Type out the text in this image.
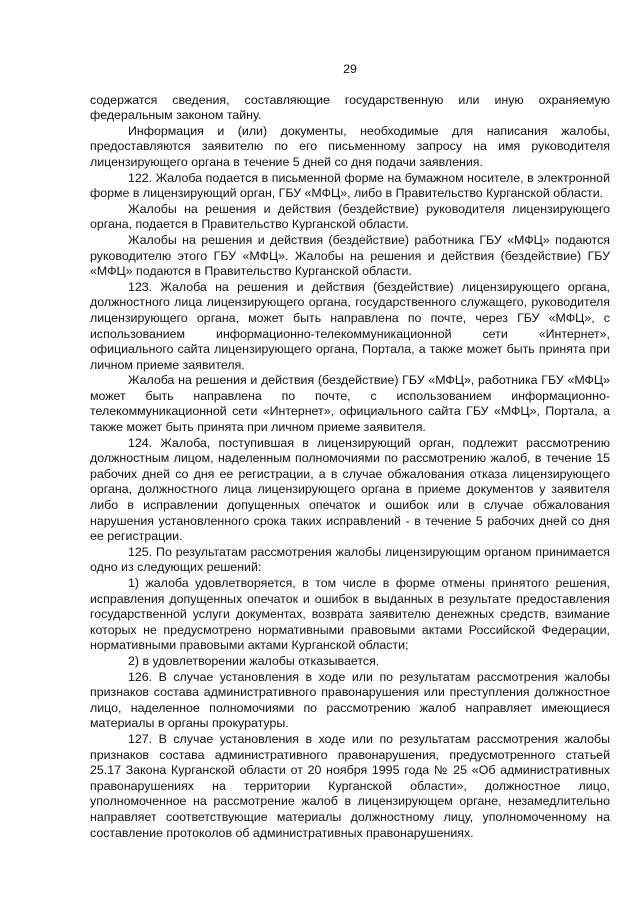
29

содержатся сведения, составляющие государственную или иную охраняемую федеральным законом тайну.

Информация и (или) документы, необходимые для написания жалобы, предоставляются заявителю по его письменному запросу на имя руководителя лицензирующего органа в течение 5 дней со дня подачи заявления.

122. Жалоба подается в письменной форме на бумажном носителе, в электронной форме в лицензирующий орган, ГБУ «МФЦ», либо в Правительство Курганской области.

Жалобы на решения и действия (бездействие) руководителя лицензирующего органа, подается в Правительство Курганской области.

Жалобы на решения и действия (бездействие) работника ГБУ «МФЦ» подаются руководителю этого ГБУ «МФЦ». Жалобы на решения и действия (бездействие) ГБУ «МФЦ» подаются в Правительство Курганской области.

123. Жалоба на решения и действия (бездействие) лицензирующего органа, должностного лица лицензирующего органа, государственного служащего, руководителя лицензирующего органа, может быть направлена по почте, через ГБУ «МФЦ», с использованием информационно-телекоммуникационной сети «Интернет», официального сайта лицензирующего органа, Портала, а также может быть принята при личном приеме заявителя.

Жалоба на решения и действия (бездействие) ГБУ «МФЦ», работника ГБУ «МФЦ» может быть направлена по почте, с использованием информационно-телекоммуникационной сети «Интернет», официального сайта ГБУ «МФЦ», Портала, а также может быть принята при личном приеме заявителя.

124. Жалоба, поступившая в лицензирующий орган, подлежит рассмотрению должностным лицом, наделенным полномочиями по рассмотрению жалоб, в течение 15 рабочих дней со дня ее регистрации, а в случае обжалования отказа лицензирующего органа, должностного лица лицензирующего органа в приеме документов у заявителя либо в исправлении допущенных опечаток и ошибок или в случае обжалования нарушения установленного срока таких исправлений - в течение 5 рабочих дней со дня ее регистрации.

125. По результатам рассмотрения жалобы лицензирующим органом принимается одно из следующих решений:

1) жалоба удовлетворяется, в том числе в форме отмены принятого решения, исправления допущенных опечаток и ошибок в выданных в результате предоставления государственной услуги документах, возврата заявителю денежных средств, взимание которых не предусмотрено нормативными правовыми актами Российской Федерации, нормативными правовыми актами Курганской области;

2) в удовлетворении жалобы отказывается.

126. В случае установления в ходе или по результатам рассмотрения жалобы признаков состава административного правонарушения или преступления должностное лицо, наделенное полномочиями по рассмотрению жалоб направляет имеющиеся материалы в органы прокуратуры.

127. В случае установления в ходе или по результатам рассмотрения жалобы признаков состава административного правонарушения, предусмотренного статьей 25.17 Закона Курганской области от 20 ноября 1995 года № 25 «Об административных правонарушениях на территории Курганской области», должностное лицо, уполномоченное на рассмотрение жалоб в лицензирующем органе, незамедлительно направляет соответствующие материалы должностному лицу, уполномоченному на составление протоколов об административных правонарушениях.
